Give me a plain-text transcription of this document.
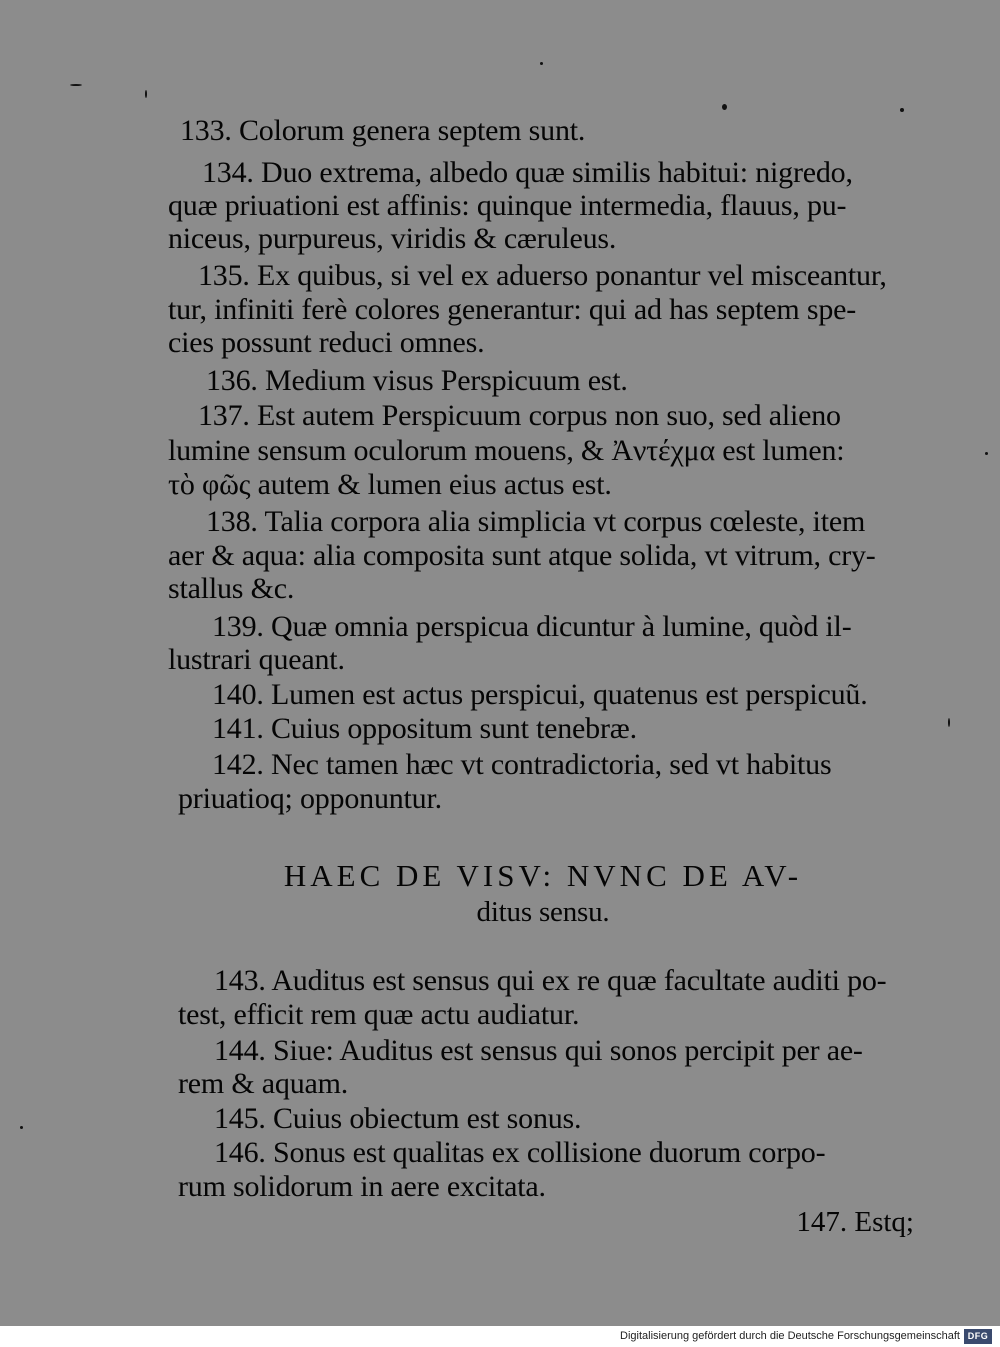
133. Colorum genera septem sunt.
134. Duo extrema, albedo quæ similis habitui: nigredo,
quæ priuationi est affinis: quinque intermedia, flauus, pu-
niceus, purpureus, viridis & cæruleus.
135. Ex quibus, si vel ex aduerso ponantur vel misceantur,
tur, infiniti ferè colores generantur: qui ad has septem spe-
cies possunt reduci omnes.
136. Medium visus Perspicuum est.
137. Est autem Perspicuum corpus non suo, sed alieno
lumine sensum oculorum mouens, & Ἀντέχμα est lumen:
τὸ φῶς autem & lumen eius actus est.
138. Talia corpora alia simplicia vt corpus cœleste, item
aer & aqua: alia composita sunt atque solida, vt vitrum, cry-
stallus &c.
139. Quæ omnia perspicua dicuntur à lumine, quòd il-
lustrari queant.
140. Lumen est actus perspicui, quatenus est perspicuũ.
141. Cuius oppositum sunt tenebræ.
142. Nec tamen hæc vt contradictoria, sed vt habitus
priuatioq; opponuntur.
HAEC DE VISV: NVNC DE AV-
ditus sensu.
143. Auditus est sensus qui ex re quæ facultate auditi po-
test, efficit rem quæ actu audiatur.
144. Siue: Auditus est sensus qui sonos percipit per ae-
rem & aquam.
145. Cuius obiectum est sonus.
146. Sonus est qualitas ex collisione duorum corpo-
rum solidorum in aere excitata.
147. Estq;
Digitalisierung gefördert durch die Deutsche Forschungsgemeinschaft DFG
